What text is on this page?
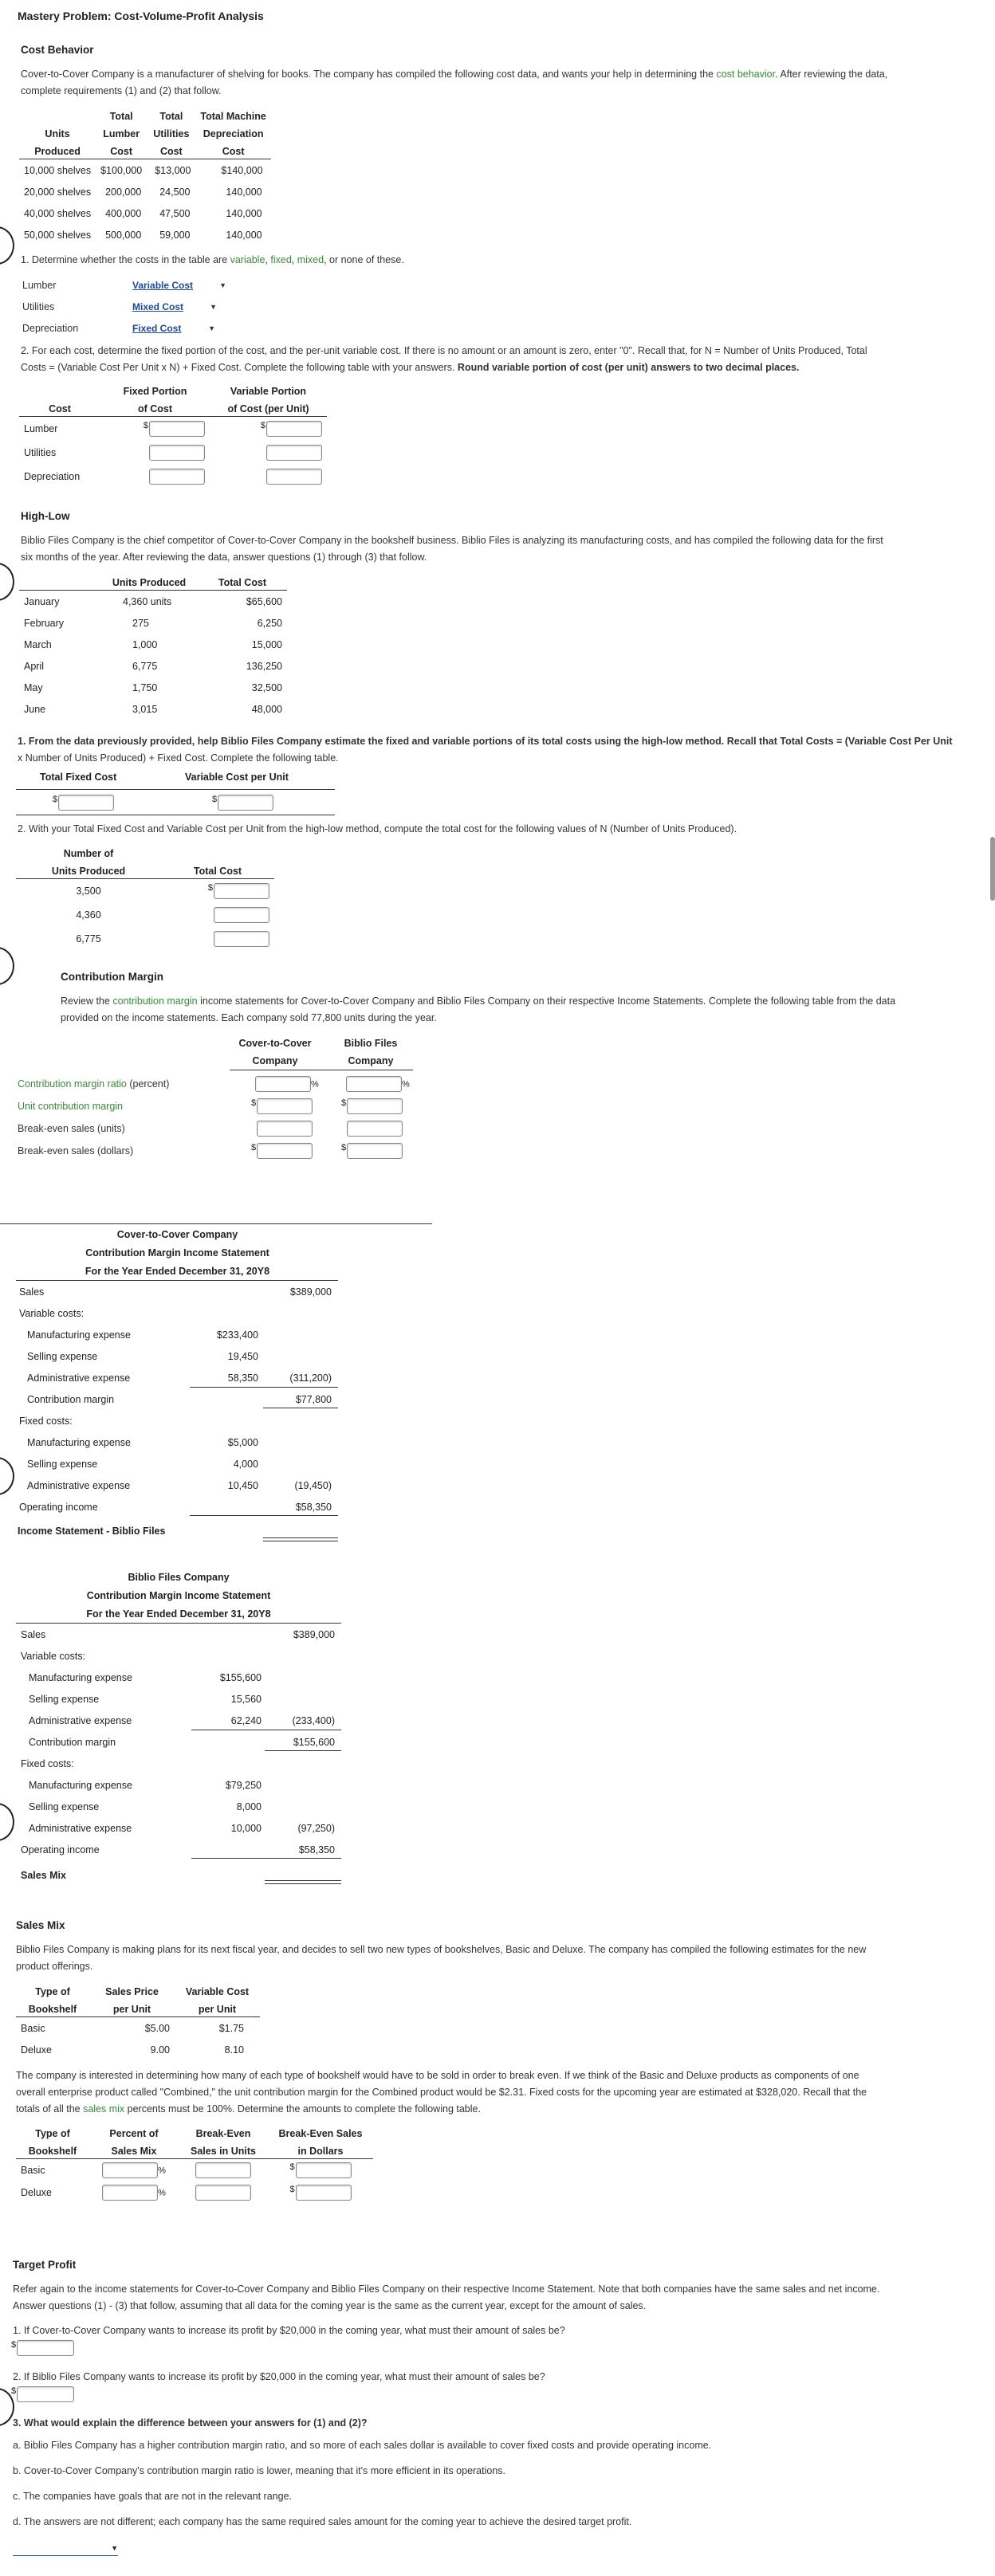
Mastery Problem: Cost-Volume-Profit Analysis
Cost Behavior
Cover-to-Cover Company is a manufacturer of shelving for books. The company has compiled the following cost data, and wants your help in determining the cost behavior. After reviewing the data,
complete requirements (1) and (2) that follow.
	Total	Total	Total Machine
Units	Lumber	Utilities	Depreciation
Produced	Cost	Cost	Cost
10,000 shelves	$100,000	$13,000	$140,000
20,000 shelves	200,000	24,500	140,000
40,000 shelves	400,000	47,500	140,000
50,000 shelves	500,000	59,000	140,000
1. Determine whether the costs in the table are variable, fixed, mixed, or none of these.
Lumber	Variable Cost	▼
Utilities	Mixed Cost	▼
Depreciation	Fixed Cost	▼
2. For each cost, determine the fixed portion of the cost, and the per-unit variable cost. If there is no amount or an amount is zero, enter "0". Recall that, for N = Number of Units Produced, Total
Costs = (Variable Cost Per Unit x N) + Fixed Cost. Complete the following table with your answers. Round variable portion of cost (per unit) answers to two decimal places.
	Fixed Portion	Variable Portion
Cost	of Cost	of Cost (per Unit)
Lumber	$	$
Utilities		
Depreciation		
High-Low
Biblio Files Company is the chief competitor of Cover-to-Cover Company in the bookshelf business. Biblio Files is analyzing its manufacturing costs, and has compiled the following data for the first
six months of the year. After reviewing the data, answer questions (1) through (3) that follow.
	Units Produced	Total Cost
January	4,360 units	$65,600
February	275	6,250
March	1,000	15,000
April	6,775	136,250
May	1,750	32,500
June	3,015	48,000
1. From the data previously provided, help Biblio Files Company estimate the fixed and variable portions of its total costs using the high-low method. Recall that Total Costs = (Variable Cost Per Unit
x Number of Units Produced) + Fixed Cost. Complete the following table.
Total Fixed Cost	Variable Cost per Unit
$	$
2. With your Total Fixed Cost and Variable Cost per Unit from the high-low method, compute the total cost for the following values of N (Number of Units Produced).
Number of	
Units Produced	Total Cost
3,500	$
4,360	
6,775	
Contribution Margin
Review the contribution margin income statements for Cover-to-Cover Company and Biblio Files Company on their respective Income Statements. Complete the following table from the data
provided on the income statements. Each company sold 77,800 units during the year.
Cover-to-Cover
Company
Biblio Files
Company
Contribution margin ratio (percent)	%	%
Unit contribution margin	$	$
Break-even sales (units)
Break-even sales (dollars)	$	$
Cover-to-Cover Company
Contribution Margin Income Statement
For the Year Ended December 31, 20Y8
Sales	$389,000
Variable costs:
Manufacturing expense	$233,400
Selling expense	19,450
Administrative expense	58,350	(311,200)
Contribution margin	$77,800
Fixed costs:
Manufacturing expense	$5,000
Selling expense	4,000
Administrative expense	10,450	(19,450)
Operating income	$58,350
Income Statement - Biblio Files
Biblio Files Company
Contribution Margin Income Statement
For the Year Ended December 31, 20Y8
Sales	$389,000
Variable costs:
Manufacturing expense	$155,600
Selling expense	15,560
Administrative expense	62,240	(233,400)
Contribution margin	$155,600
Fixed costs:
Manufacturing expense	$79,250
Selling expense	8,000
Administrative expense	10,000	(97,250)
Operating income	$58,350
Sales Mix
Sales Mix
Biblio Files Company is making plans for its next fiscal year, and decides to sell two new types of bookshelves, Basic and Deluxe. The company has compiled the following estimates for the new
product offerings.
Type of	Sales Price	Variable Cost
Bookshelf	per Unit	per Unit
Basic	$5.00	$1.75
Deluxe	9.00	8.10
The company is interested in determining how many of each type of bookshelf would have to be sold in order to break even. If we think of the Basic and Deluxe products as components of one
overall enterprise product called "Combined," the unit contribution margin for the Combined product would be $2.31. Fixed costs for the upcoming year are estimated at $328,020. Recall that the
totals of all the sales mix percents must be 100%. Determine the amounts to complete the following table.
Type of	Percent of	Break-Even	Break-Even Sales
Bookshelf	Sales Mix	Sales in Units	in Dollars
Basic	%		$
Deluxe	%		$
Target Profit
Refer again to the income statements for Cover-to-Cover Company and Biblio Files Company on their respective Income Statement. Note that both companies have the same sales and net income.
Answer questions (1) - (3) that follow, assuming that all data for the coming year is the same as the current year, except for the amount of sales.
1. If Cover-to-Cover Company wants to increase its profit by $20,000 in the coming year, what must their amount of sales be?
$
2. If Biblio Files Company wants to increase its profit by $20,000 in the coming year, what must their amount of sales be?
$
3. What would explain the difference between your answers for (1) and (2)?
a. Biblio Files Company has a higher contribution margin ratio, and so more of each sales dollar is available to cover fixed costs and provide operating income.
b. Cover-to-Cover Company's contribution margin ratio is lower, meaning that it's more efficient in its operations.
c. The companies have goals that are not in the relevant range.
d. The answers are not different; each company has the same required sales amount for the coming year to achieve the desired target profit.
▼
